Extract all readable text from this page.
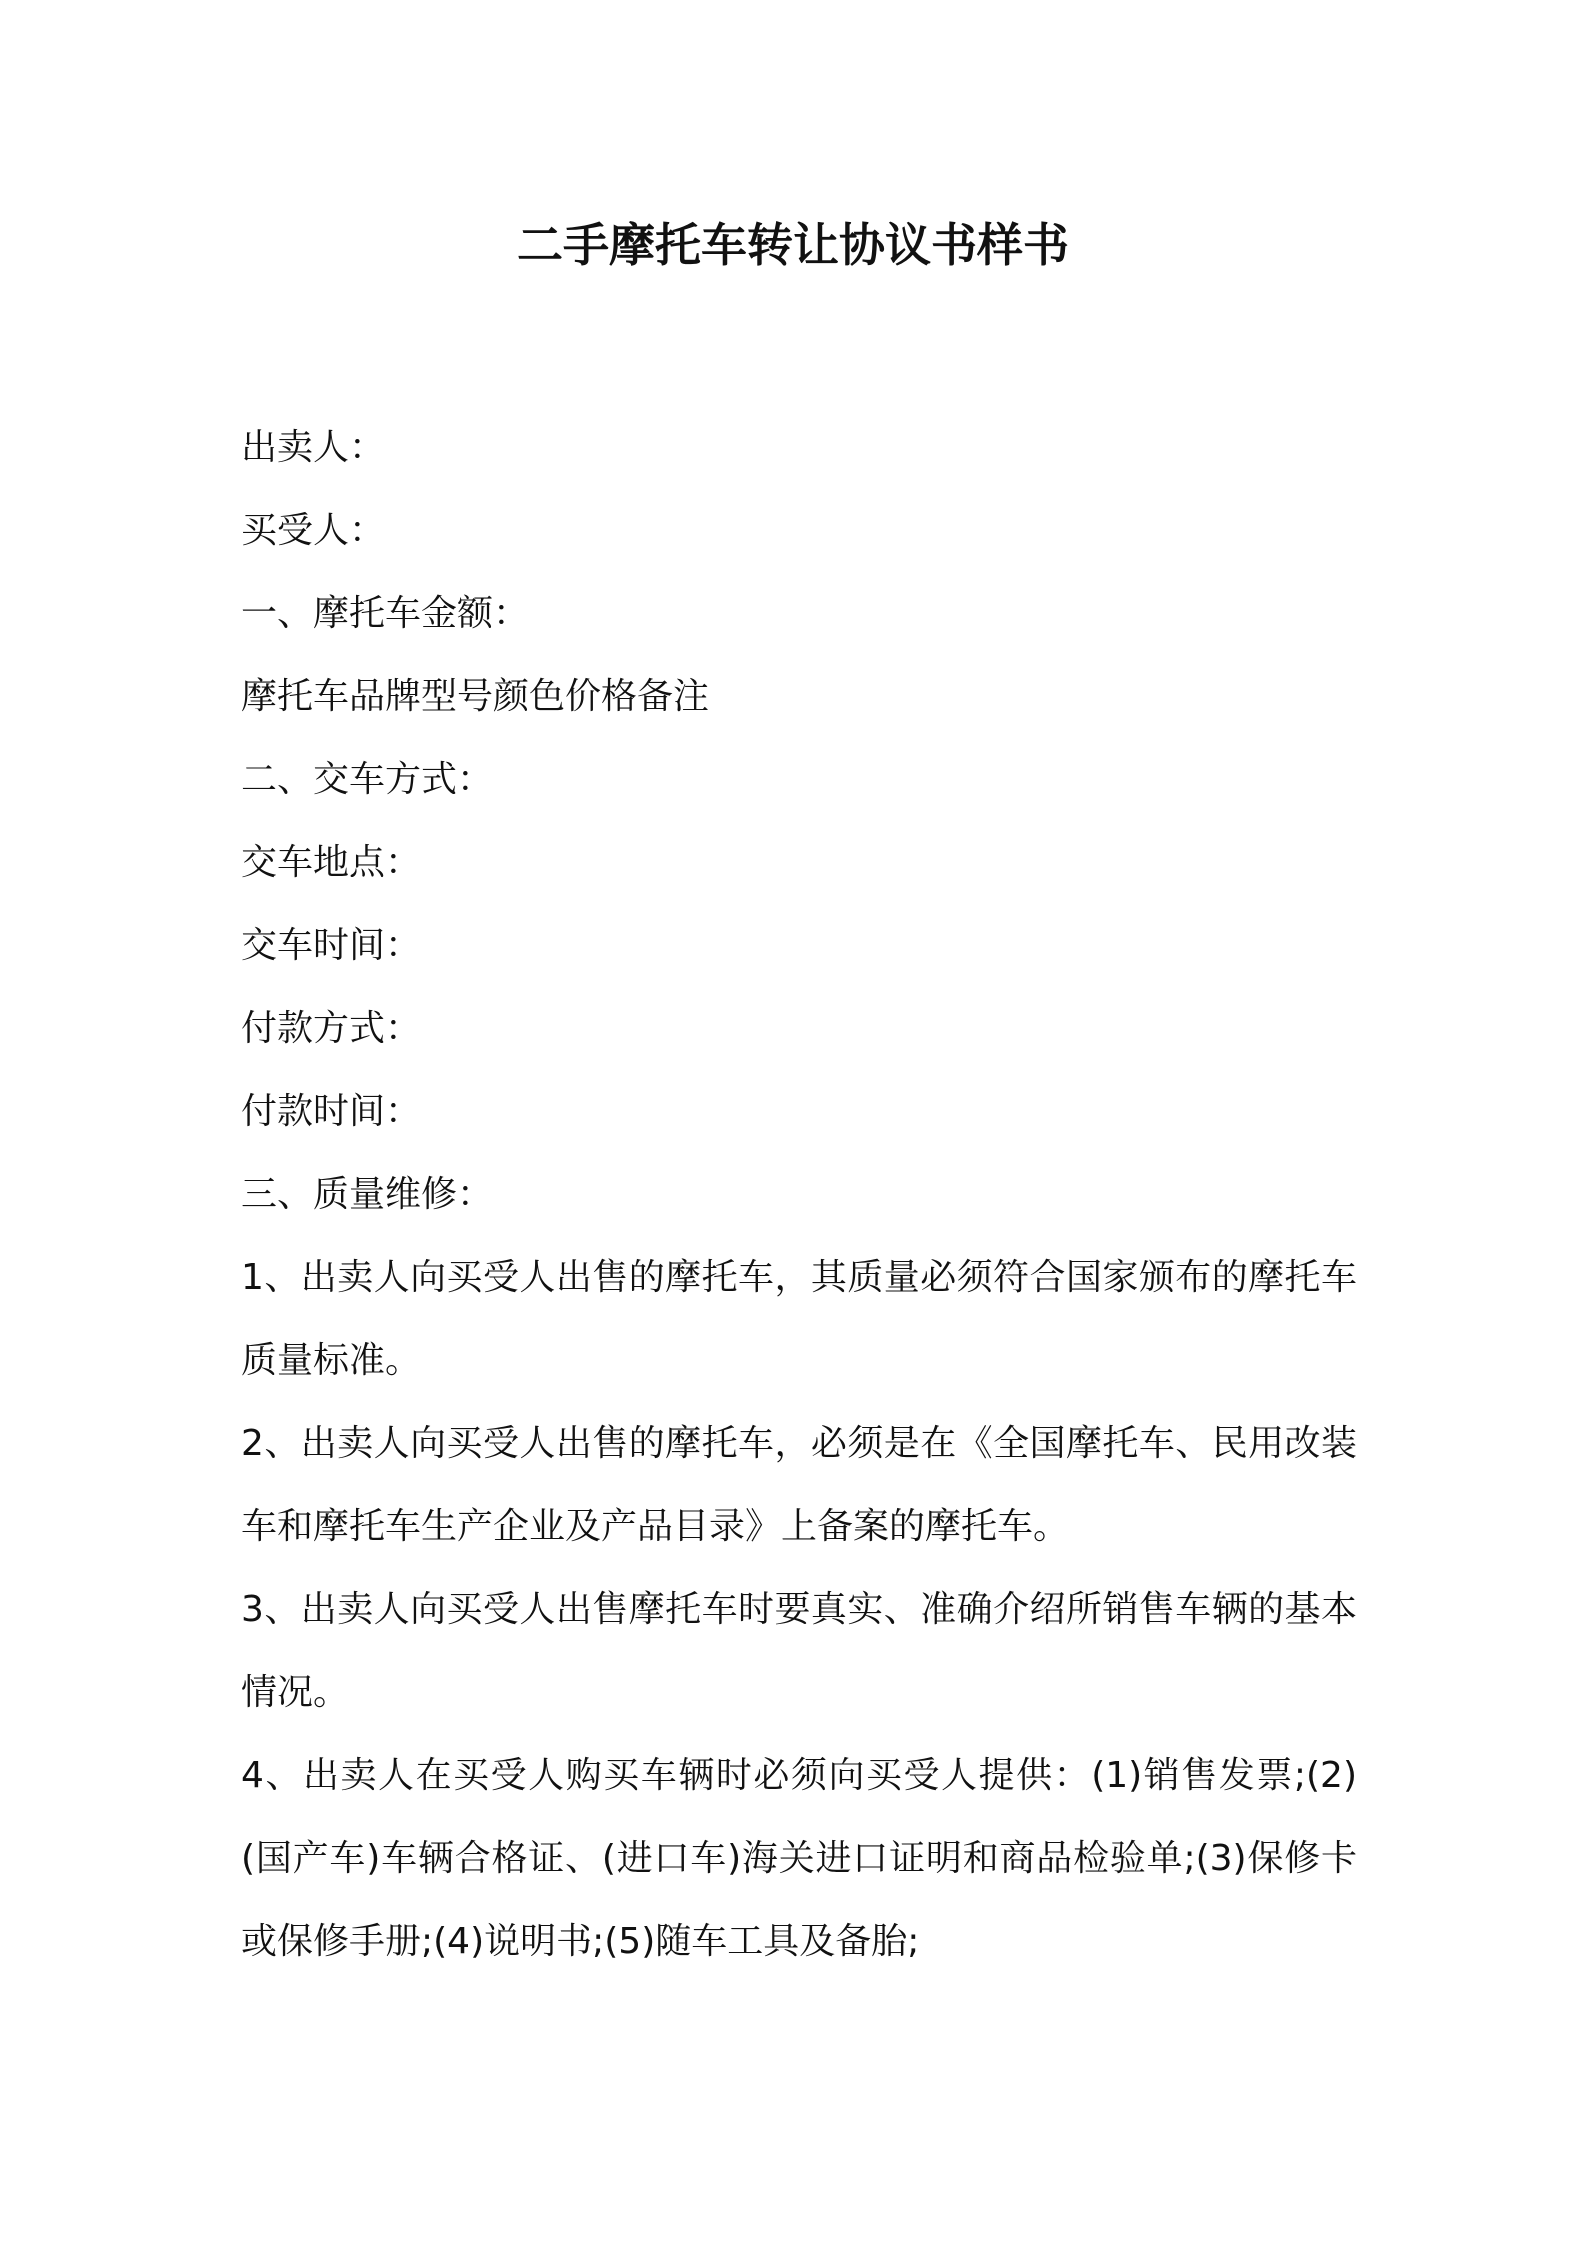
二手摩托车转让协议书样书

出卖人：

买受人：

一、摩托车金额：

摩托车品牌型号颜色价格备注

二、交车方式：

交车地点：

交车时间：

付款方式：

付款时间：

三、质量维修：

1、出卖人向买受人出售的摩托车，其质量必须符合国家颁布的摩托车质量标准。

2、出卖人向买受人出售的摩托车，必须是在《全国摩托车、民用改装车和摩托车生产企业及产品目录》上备案的摩托车。

3、出卖人向买受人出售摩托车时要真实、准确介绍所销售车辆的基本情况。

4、出卖人在买受人购买车辆时必须向买受人提供：(1)销售发票;(2)(国产车)车辆合格证、(进口车)海关进口证明和商品检验单;(3)保修卡或保修手册;(4)说明书;(5)随车工具及备胎;
